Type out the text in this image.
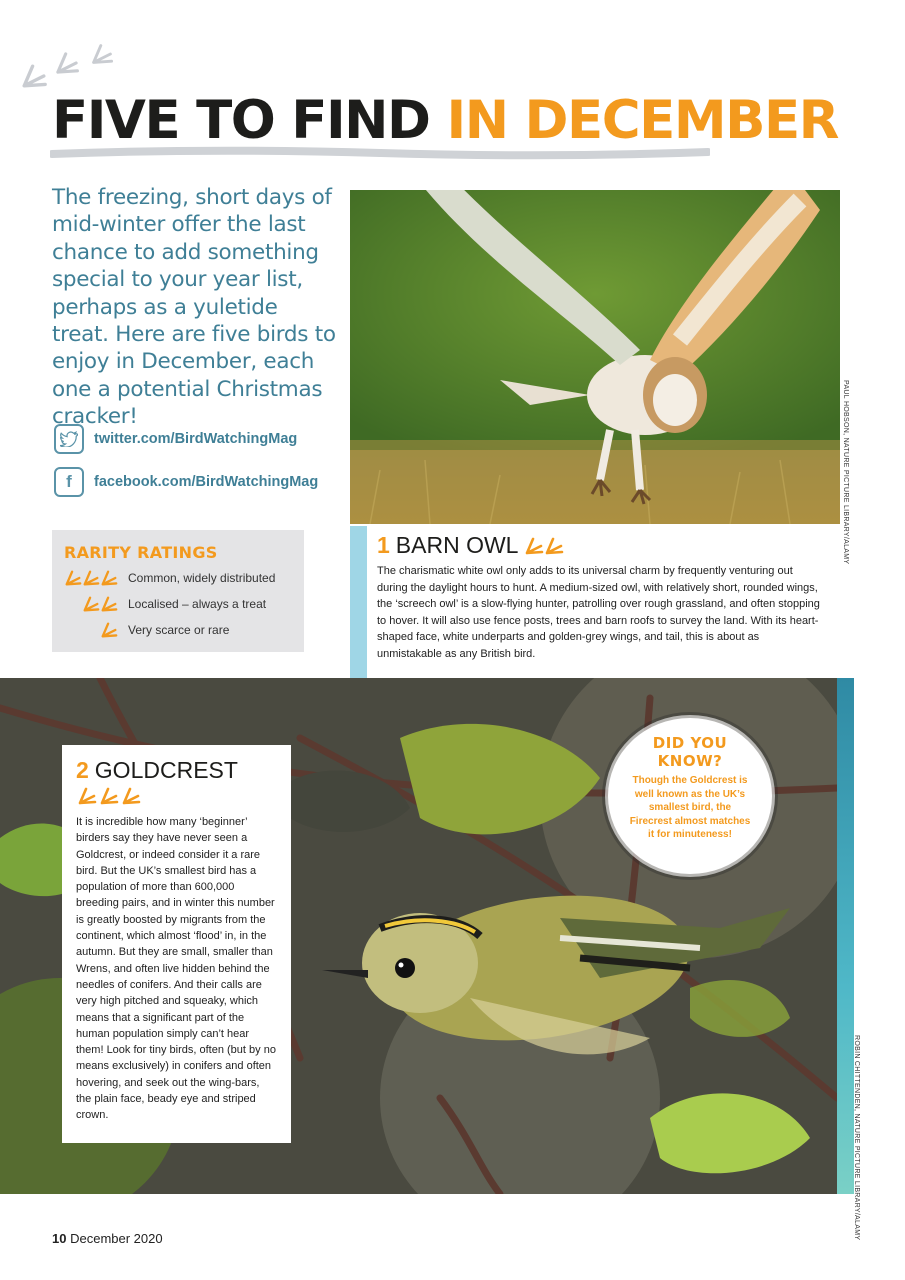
FIVE TO FIND IN DECEMBER
The freezing, short days of mid-winter offer the last chance to add something special to your year list, perhaps as a yuletide treat. Here are five birds to enjoy in December, each one a potential Christmas cracker!
twitter.com/BirdWatchingMag
f	facebook.com/BirdWatchingMag
RARITY RATINGS
Common, widely distributed
Localised – always a treat
Very scarce or rare
PAUL HOBSON, NATURE PICTURE LIBRARY/ALAMY
1 BARN OWL
The charismatic white owl only adds to its universal charm by frequently venturing out during the daylight hours to hunt. A medium-sized owl, with relatively short, rounded wings, the ‘screech owl’ is a slow-flying hunter, patrolling over rough grassland, and often stopping to hover. It will also use fence posts, trees and barn roofs to survey the land. With its heart-shaped face, white underparts and golden-grey wings, and tail, this is about as unmistakable as any British bird.
ROBIN CHITTENDEN, NATURE PICTURE LIBRARY/ALAMY
2 GOLDCREST
It is incredible how many ‘beginner’ birders say they have never seen a Goldcrest, or indeed consider it a rare bird. But the UK’s smallest bird has a population of more than 600,000 breeding pairs, and in winter this number is greatly boosted by migrants from the continent, which almost ‘flood’ in, in the autumn. But they are small, smaller than Wrens, and often live hidden behind the needles of conifers. And their calls are very high pitched and squeaky, which means that a significant part of the human population simply can’t hear them! Look for tiny birds, often (but by no means exclusively) in conifers and often hovering, and seek out the wing-bars, the plain face, beady eye and striped crown.
DID YOU KNOW?

Though the Goldcrest is well known as the UK’s smallest bird, the Firecrest almost matches it for minuteness!

10 December 2020
